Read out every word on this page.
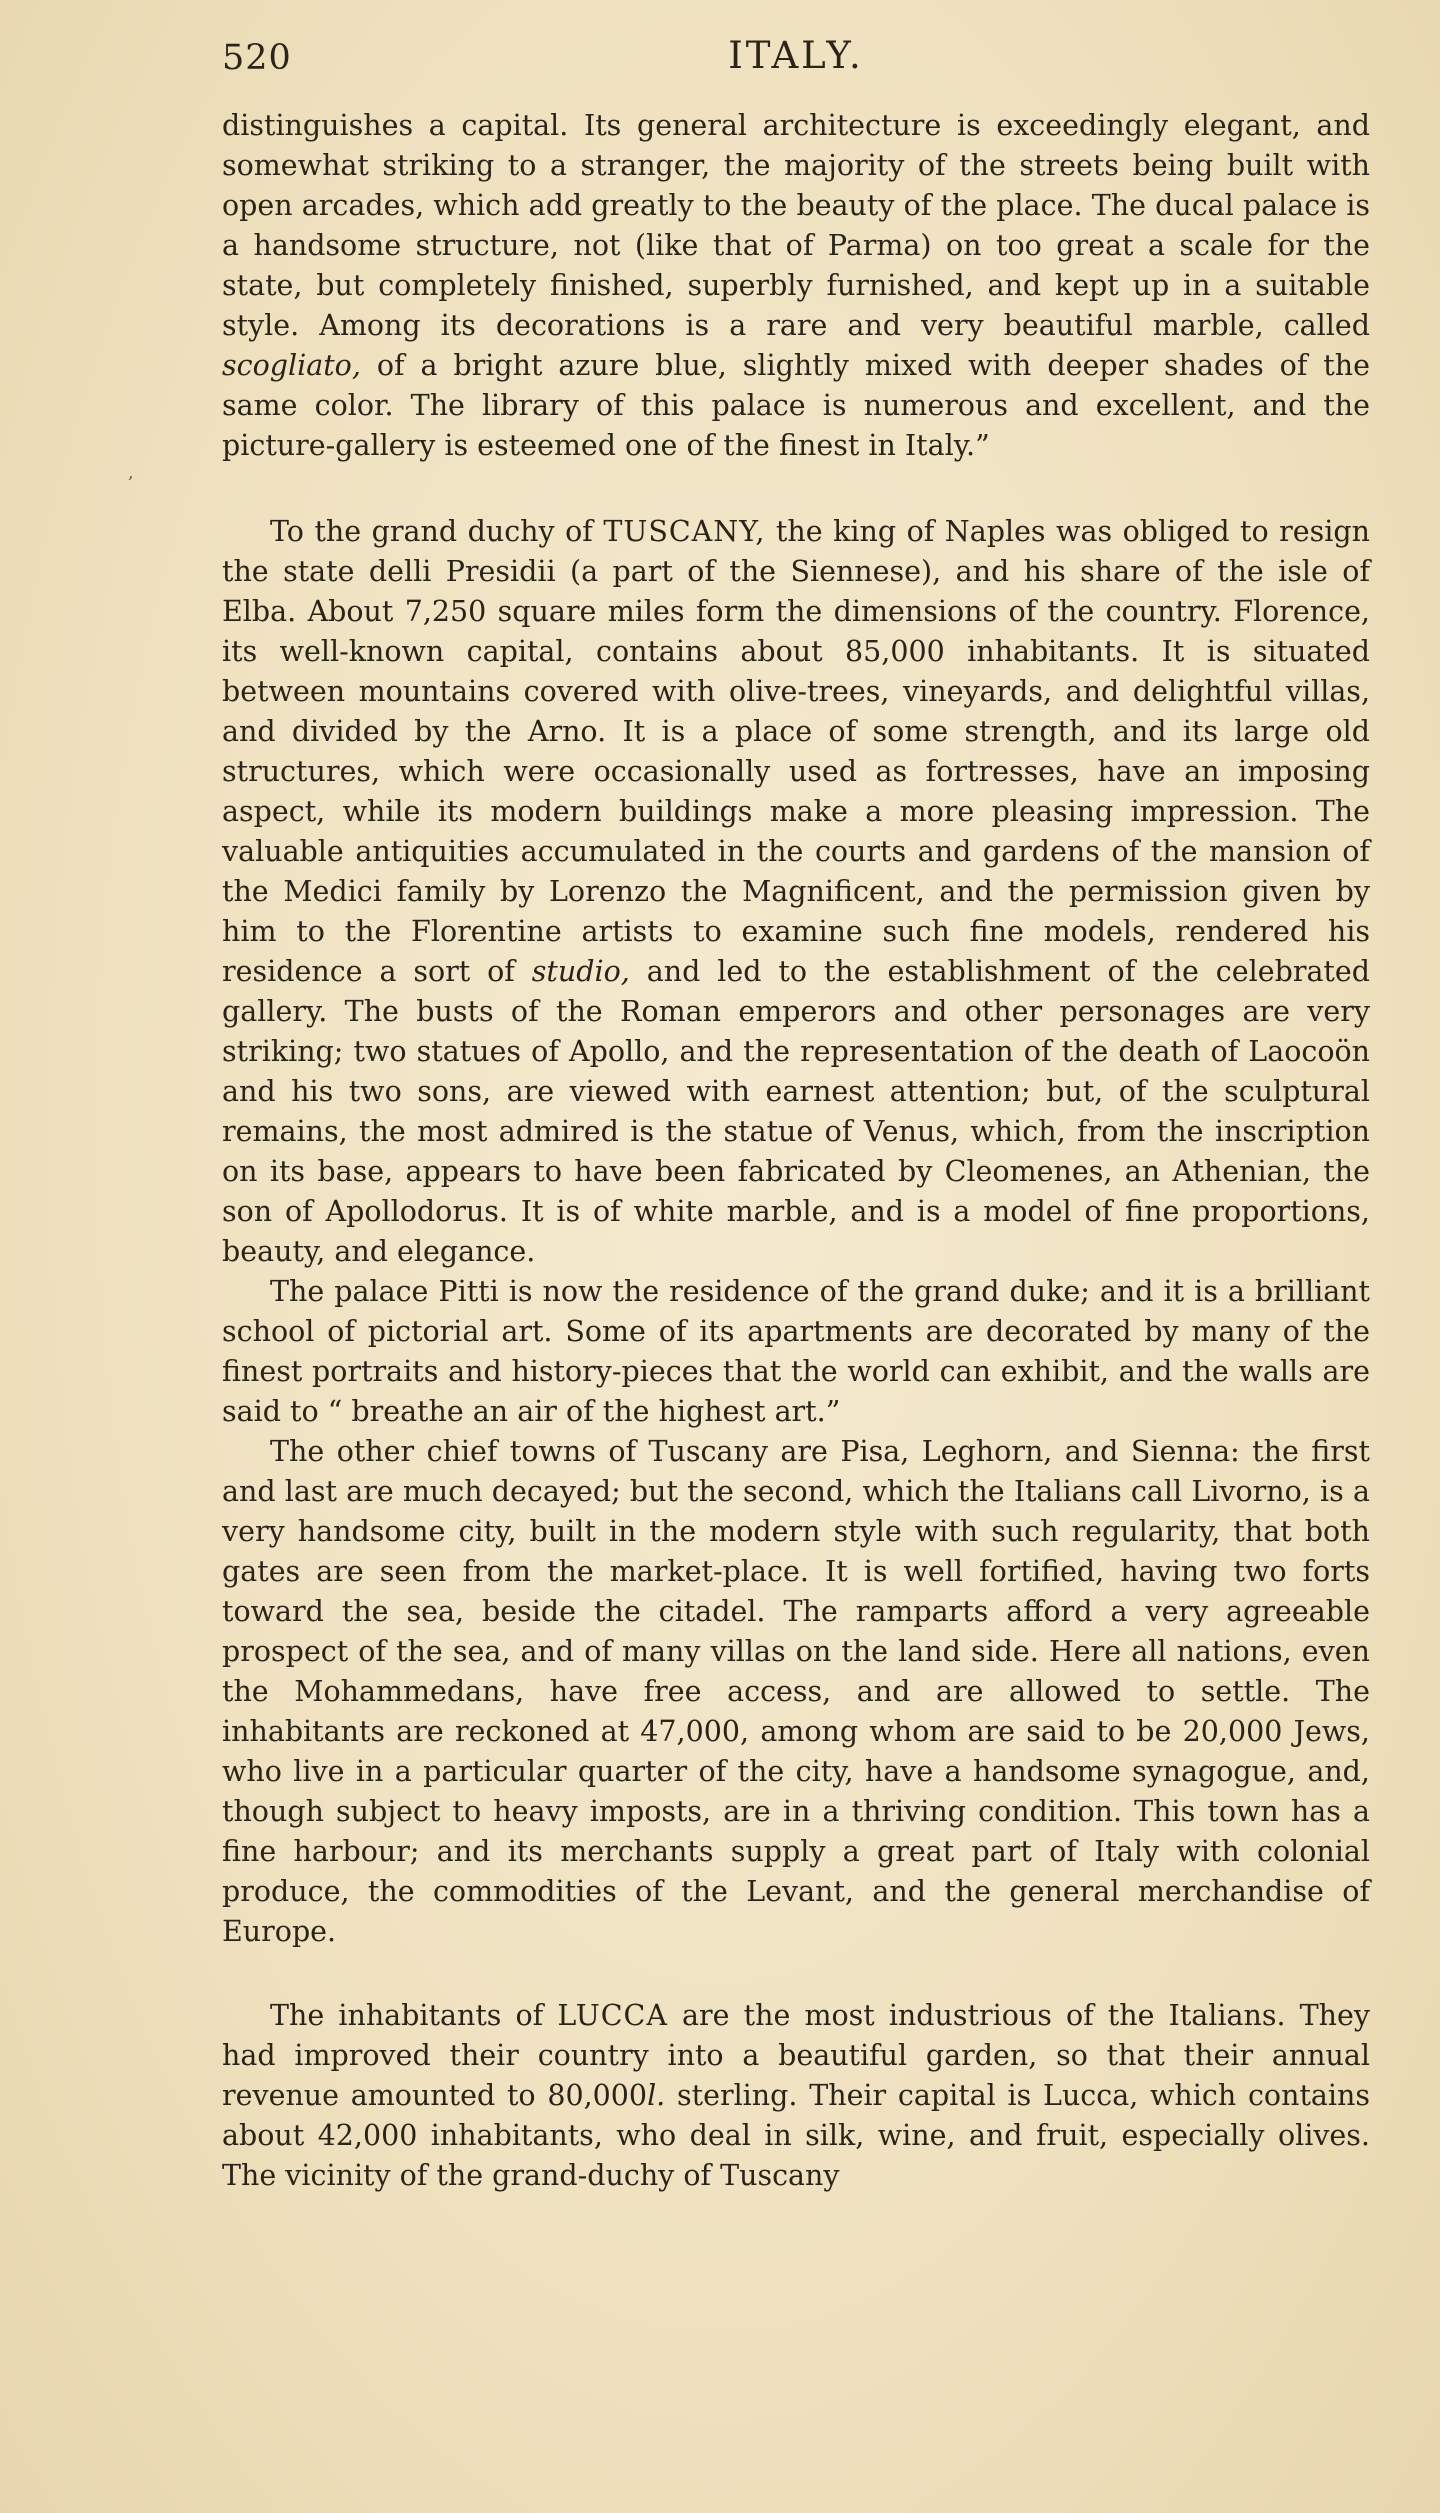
520	ITALY.

distinguishes a capital. Its general architecture is exceedingly elegant, and somewhat striking to a stranger, the majority of the streets being built with open arcades, which add greatly to the beauty of the place. The ducal palace is a handsome structure, not (like that of Parma) on too great a scale for the state, but completely finished, superbly furnished, and kept up in a suitable style. Among its decorations is a rare and very beautiful marble, called scogliato, of a bright azure blue, slightly mixed with deeper shades of the same color. The library of this palace is numerous and excellent, and the picture-gallery is esteemed one of the finest in Italy.”

To the grand duchy of TUSCANY, the king of Naples was obliged to resign the state delli Presidii (a part of the Siennese), and his share of the isle of Elba. About 7,250 square miles form the dimensions of the country. Florence, its well-known capital, contains about 85,000 inhabitants. It is situated between mountains covered with olive-trees, vineyards, and delightful villas, and divided by the Arno. It is a place of some strength, and its large old structures, which were occasionally used as fortresses, have an imposing aspect, while its modern buildings make a more pleasing impression. The valuable antiquities accumulated in the courts and gardens of the mansion of the Medici family by Lorenzo the Magnificent, and the permission given by him to the Florentine artists to examine such fine models, rendered his residence a sort of studio, and led to the establishment of the celebrated gallery. The busts of the Roman emperors and other personages are very striking; two statues of Apollo, and the representation of the death of Laocoön and his two sons, are viewed with earnest attention; but, of the sculptural remains, the most admired is the statue of Venus, which, from the inscription on its base, appears to have been fabricated by Cleomenes, an Athenian, the son of Apollodorus. It is of white marble, and is a model of fine proportions, beauty, and elegance.

The palace Pitti is now the residence of the grand duke; and it is a brilliant school of pictorial art. Some of its apartments are decorated by many of the finest portraits and history-pieces that the world can exhibit, and the walls are said to “ breathe an air of the highest art.”

The other chief towns of Tuscany are Pisa, Leghorn, and Sienna: the first and last are much decayed; but the second, which the Italians call Livorno, is a very handsome city, built in the modern style with such regularity, that both gates are seen from the market-place. It is well fortified, having two forts toward the sea, beside the citadel. The ramparts afford a very agreeable prospect of the sea, and of many villas on the land side. Here all nations, even the Mohammedans, have free access, and are allowed to settle. The inhabitants are reckoned at 47,000, among whom are said to be 20,000 Jews, who live in a particular quarter of the city, have a handsome synagogue, and, though subject to heavy imposts, are in a thriving condition. This town has a fine harbour; and its merchants supply a great part of Italy with colonial produce, the commodities of the Levant, and the general merchandise of Europe.

The inhabitants of LUCCA are the most industrious of the Italians. They had improved their country into a beautiful garden, so that their annual revenue amounted to 80,000l. sterling. Their capital is Lucca, which contains about 42,000 inhabitants, who deal in silk, wine, and fruit, especially olives. The vicinity of the grand-duchy of Tuscany

,
